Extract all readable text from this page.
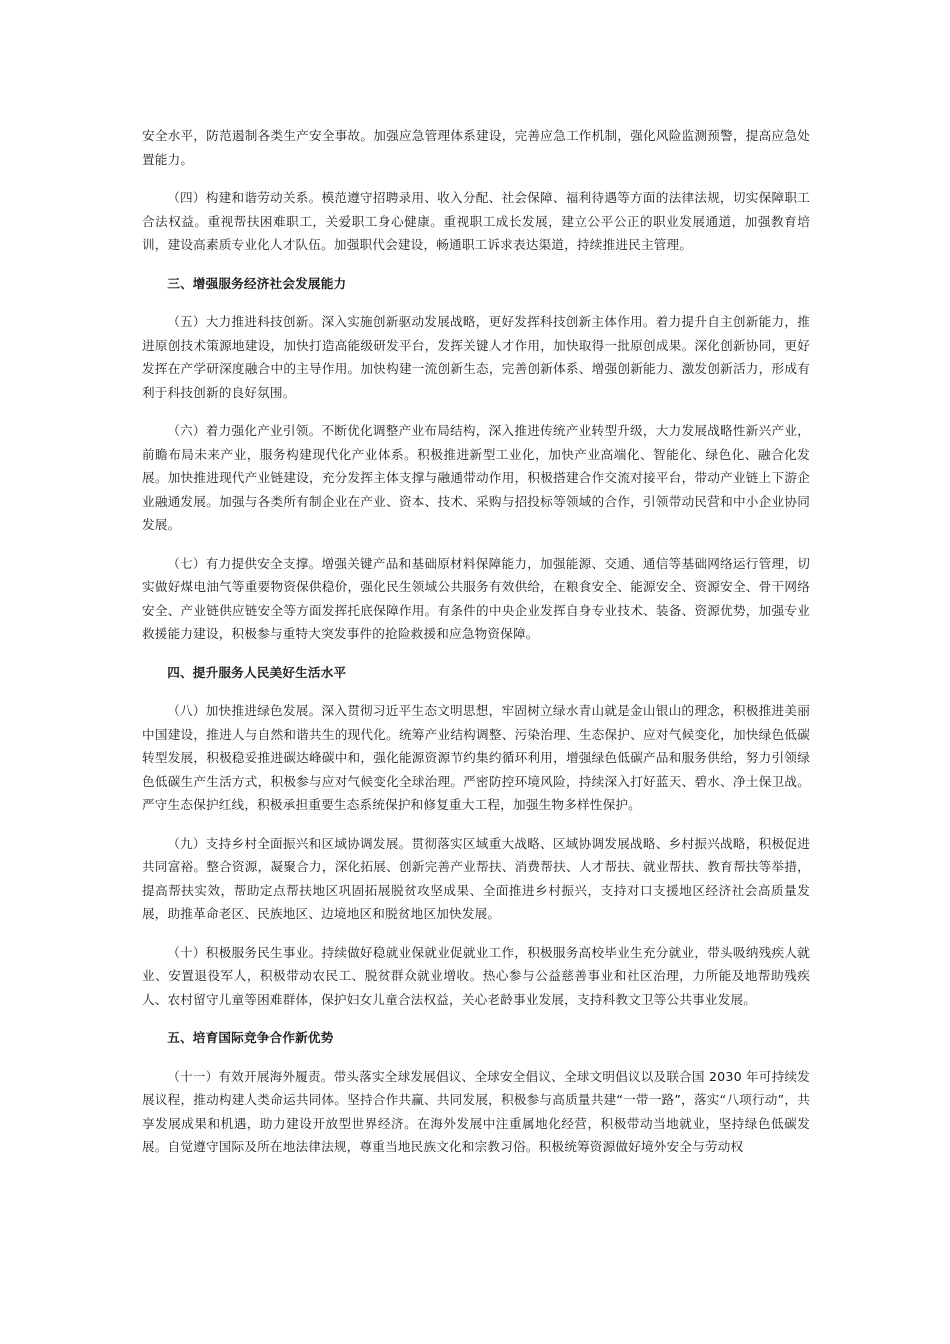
安全水平，防范遏制各类生产安全事故。加强应急管理体系建设，完善应急工作机制，强化风险监测预警，提高应急处置能力。

（四）构建和谐劳动关系。模范遵守招聘录用、收入分配、社会保障、福利待遇等方面的法律法规，切实保障职工合法权益。重视帮扶困难职工，关爱职工身心健康。重视职工成长发展，建立公平公正的职业发展通道，加强教育培训，建设高素质专业化人才队伍。加强职代会建设，畅通职工诉求表达渠道，持续推进民主管理。

三、增强服务经济社会发展能力

（五）大力推进科技创新。深入实施创新驱动发展战略，更好发挥科技创新主体作用。着力提升自主创新能力，推进原创技术策源地建设，加快打造高能级研发平台，发挥关键人才作用，加快取得一批原创成果。深化创新协同，更好发挥在产学研深度融合中的主导作用。加快构建一流创新生态，完善创新体系、增强创新能力、激发创新活力，形成有利于科技创新的良好氛围。

（六）着力强化产业引领。不断优化调整产业布局结构，深入推进传统产业转型升级，大力发展战略性新兴产业，前瞻布局未来产业，服务构建现代化产业体系。积极推进新型工业化，加快产业高端化、智能化、绿色化、融合化发展。加快推进现代产业链建设，充分发挥主体支撑与融通带动作用，积极搭建合作交流对接平台，带动产业链上下游企业融通发展。加强与各类所有制企业在产业、资本、技术、采购与招投标等领域的合作，引领带动民营和中小企业协同发展。

（七）有力提供安全支撑。增强关键产品和基础原材料保障能力，加强能源、交通、通信等基础网络运行管理，切实做好煤电油气等重要物资保供稳价，强化民生领域公共服务有效供给，在粮食安全、能源安全、资源安全、骨干网络安全、产业链供应链安全等方面发挥托底保障作用。有条件的中央企业发挥自身专业技术、装备、资源优势，加强专业救援能力建设，积极参与重特大突发事件的抢险救援和应急物资保障。

四、提升服务人民美好生活水平

（八）加快推进绿色发展。深入贯彻习近平生态文明思想，牢固树立绿水青山就是金山银山的理念，积极推进美丽中国建设，推进人与自然和谐共生的现代化。统筹产业结构调整、污染治理、生态保护、应对气候变化，加快绿色低碳转型发展，积极稳妥推进碳达峰碳中和，强化能源资源节约集约循环利用，增强绿色低碳产品和服务供给，努力引领绿色低碳生产生活方式，积极参与应对气候变化全球治理。严密防控环境风险，持续深入打好蓝天、碧水、净土保卫战。严守生态保护红线，积极承担重要生态系统保护和修复重大工程，加强生物多样性保护。

（九）支持乡村全面振兴和区域协调发展。贯彻落实区域重大战略、区域协调发展战略、乡村振兴战略，积极促进共同富裕。整合资源，凝聚合力，深化拓展、创新完善产业帮扶、消费帮扶、人才帮扶、就业帮扶、教育帮扶等举措，提高帮扶实效，帮助定点帮扶地区巩固拓展脱贫攻坚成果、全面推进乡村振兴，支持对口支援地区经济社会高质量发展，助推革命老区、民族地区、边境地区和脱贫地区加快发展。

（十）积极服务民生事业。持续做好稳就业保就业促就业工作，积极服务高校毕业生充分就业，带头吸纳残疾人就业、安置退役军人，积极带动农民工、脱贫群众就业增收。热心参与公益慈善事业和社区治理，力所能及地帮助残疾人、农村留守儿童等困难群体，保护妇女儿童合法权益，关心老龄事业发展，支持科教文卫等公共事业发展。

五、培育国际竞争合作新优势

（十一）有效开展海外履责。带头落实全球发展倡议、全球安全倡议、全球文明倡议以及联合国 2030 年可持续发展议程，推动构建人类命运共同体。坚持合作共赢、共同发展，积极参与高质量共建“一带一路”，落实“八项行动”，共享发展成果和机遇，助力建设开放型世界经济。在海外发展中注重属地化经营，积极带动当地就业，坚持绿色低碳发展。自觉遵守国际及所在地法律法规，尊重当地民族文化和宗教习俗。积极统筹资源做好境外安全与劳动权
